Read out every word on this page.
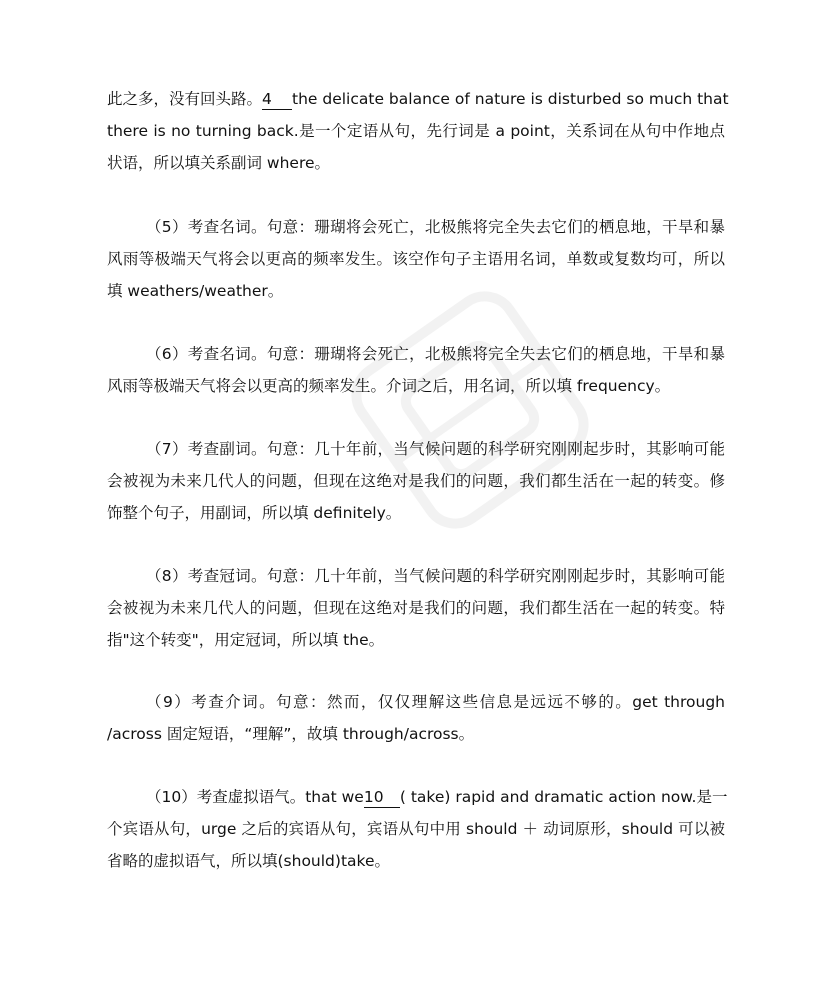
此之多，没有回头路。4 the delicate balance of nature is disturbed so much that
there is no turning back.是一个定语从句，先行词是 a point，关系词在从句中作地点
状语，所以填关系副词 where。
（5）考查名词。句意：珊瑚将会死亡，北极熊将完全失去它们的栖息地，干旱和暴
风雨等极端天气将会以更高的频率发生。该空作句子主语用名词，单数或复数均可，所以
填 weathers/weather。
（6）考查名词。句意：珊瑚将会死亡，北极熊将完全失去它们的栖息地，干旱和暴
风雨等极端天气将会以更高的频率发生。介词之后，用名词，所以填 frequency。
（7）考查副词。句意：几十年前，当气候问题的科学研究刚刚起步时，其影响可能
会被视为未来几代人的问题，但现在这绝对是我们的问题，我们都生活在一起的转变。修
饰整个句子，用副词，所以填 definitely。
（8）考查冠词。句意：几十年前，当气候问题的科学研究刚刚起步时，其影响可能
会被视为未来几代人的问题，但现在这绝对是我们的问题，我们都生活在一起的转变。特
指"这个转变"，用定冠词，所以填 the。
（9）考查介词。句意：然而，仅仅理解这些信息是远远不够的。get through
/across 固定短语，“理解”，故填 through/across。
（10）考查虚拟语气。that we10 ( take) rapid and dramatic action now.是一
个宾语从句，urge 之后的宾语从句，宾语从句中用 should ＋ 动词原形，should 可以被
省略的虚拟语气，所以填(should)take。
